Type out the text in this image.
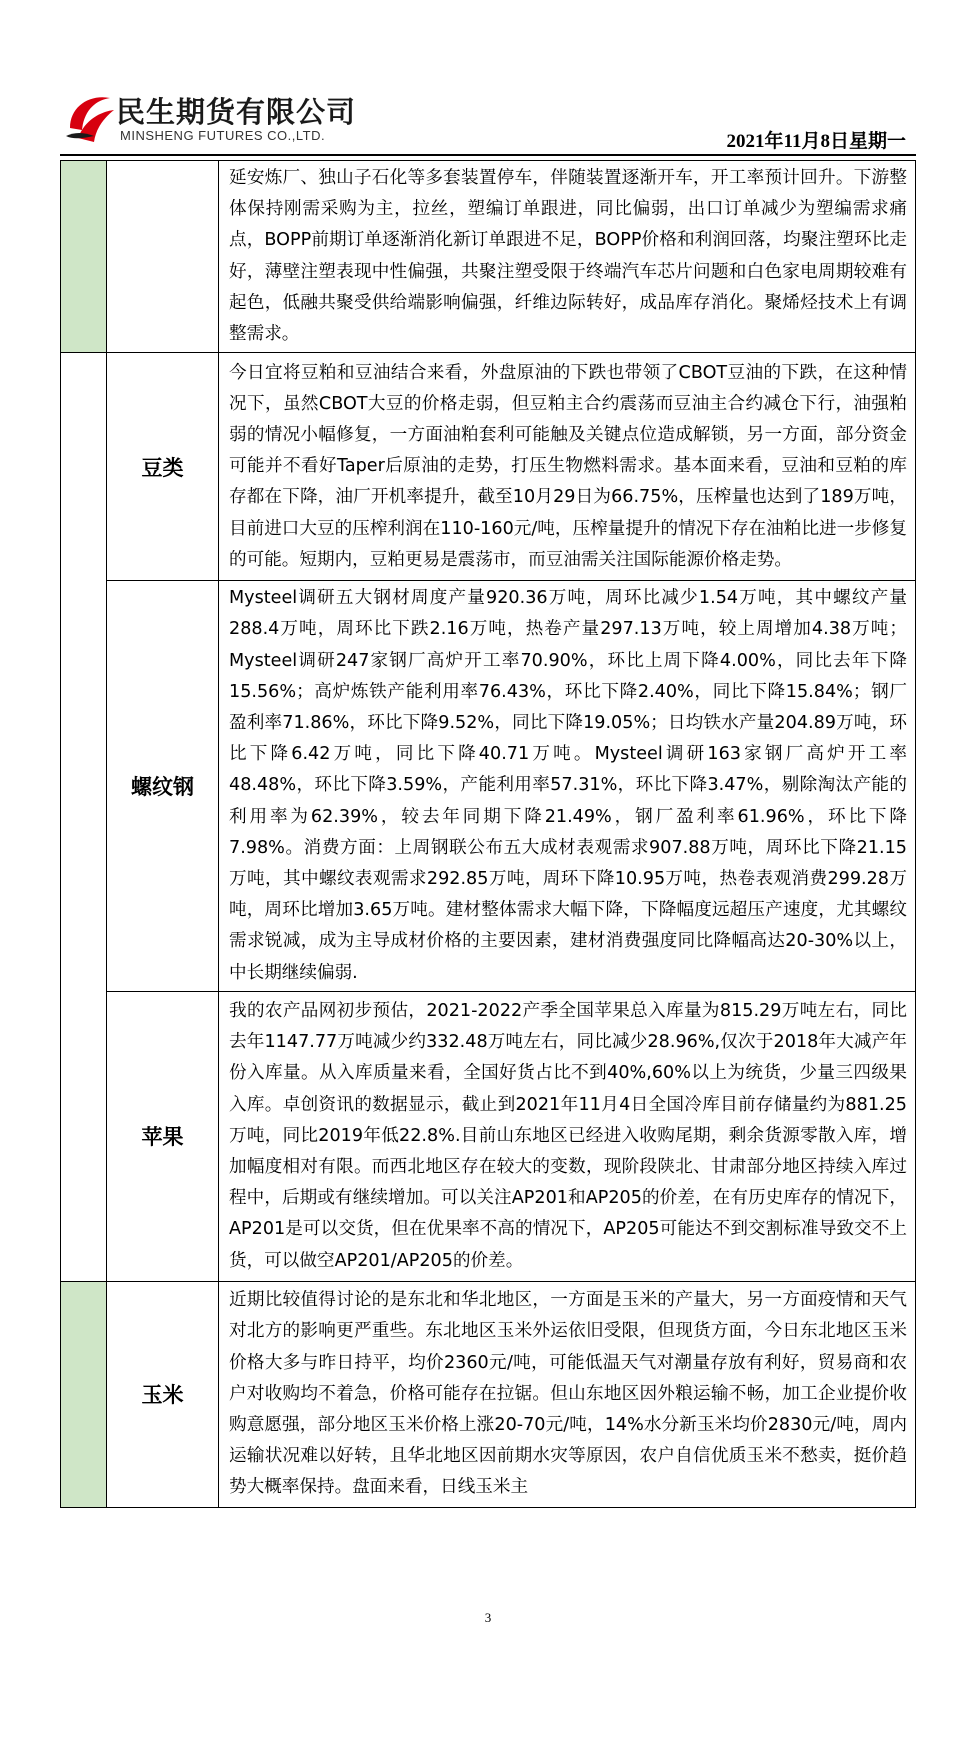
民生期货有限公司
MINSHENG FUTURES CO.,LTD.	2021年11月8日星期一
		延安炼厂、独山子石化等多套装置停车，伴随装置逐渐开车，开工率预计回升。下游整体保持刚需采购为主，拉丝，塑编订单跟进，同比偏弱，出口订单减少为塑编需求痛点，BOPP前期订单逐渐消化新订单跟进不足，BOPP价格和利润回落，均聚注塑环比走好，薄壁注塑表现中性偏强，共聚注塑受限于终端汽车芯片问题和白色家电周期较难有起色，低融共聚受供给端影响偏强，纤维边际转好，成品库存消化。聚烯烃技术上有调整需求。
	豆类	今日宜将豆粕和豆油结合来看，外盘原油的下跌也带领了CBOT豆油的下跌，在这种情况下，虽然CBOT大豆的价格走弱，但豆粕主合约震荡而豆油主合约减仓下行，油强粕弱的情况小幅修复，一方面油粕套利可能触及关键点位造成解锁，另一方面，部分资金可能并不看好Taper后原油的走势，打压生物燃料需求。基本面来看，豆油和豆粕的库存都在下降，油厂开机率提升，截至10月29日为66.75%，压榨量也达到了189万吨，目前进口大豆的压榨利润在110-160元/吨，压榨量提升的情况下存在油粕比进一步修复的可能。短期内，豆粕更易是震荡市，而豆油需关注国际能源价格走势。
	螺纹钢	Mysteel调研五大钢材周度产量920.36万吨，周环比减少1.54万吨，其中螺纹产量288.4万吨，周环比下跌2.16万吨，热卷产量297.13万吨，较上周增加4.38万吨；Mysteel调研247家钢厂高炉开工率70.90%，环比上周下降4.00%，同比去年下降15.56%；高炉炼铁产能利用率76.43%，环比下降2.40%，同比下降15.84%；钢厂盈利率71.86%，环比下降9.52%，同比下降19.05%；日均铁水产量204.89万吨，环比下降6.42万吨，同比下降40.71万吨。Mysteel调研163家钢厂高炉开工率48.48%，环比下降3.59%，产能利用率57.31%，环比下降3.47%，剔除淘汰产能的利用率为62.39%，较去年同期下降21.49%，钢厂盈利率61.96%，环比下降7.98%。消费方面：上周钢联公布五大成材表观需求907.88万吨，周环比下降21.15万吨，其中螺纹表观需求292.85万吨，周环下降10.95万吨，热卷表观消费299.28万吨，周环比增加3.65万吨。建材整体需求大幅下降，下降幅度远超压产速度，尤其螺纹需求锐减，成为主导成材价格的主要因素，建材消费强度同比降幅高达20-30%以上，中长期继续偏弱.
	苹果	我的农产品网初步预估，2021-2022产季全国苹果总入库量为815.29万吨左右，同比去年1147.77万吨减少约332.48万吨左右，同比减少28.96%,仅次于2018年大减产年份入库量。从入库质量来看，全国好货占比不到40%,60%以上为统货，少量三四级果入库。卓创资讯的数据显示，截止到2021年11月4日全国冷库目前存储量约为881.25万吨，同比2019年低22.8%.目前山东地区已经进入收购尾期，剩余货源零散入库，增加幅度相对有限。而西北地区存在较大的变数，现阶段陕北、甘肃部分地区持续入库过程中，后期或有继续增加。可以关注AP201和AP205的价差，在有历史库存的情况下，AP201是可以交货，但在优果率不高的情况下，AP205可能达不到交割标准导致交不上货，可以做空AP201/AP205的价差。
	玉米	近期比较值得讨论的是东北和华北地区，一方面是玉米的产量大，另一方面疫情和天气对北方的影响更严重些。东北地区玉米外运依旧受限，但现货方面，今日东北地区玉米价格大多与昨日持平，均价2360元/吨，可能低温天气对潮量存放有利好，贸易商和农户对收购均不着急，价格可能存在拉锯。但山东地区因外粮运输不畅，加工企业提价收购意愿强，部分地区玉米价格上涨20-70元/吨，14%水分新玉米均价2830元/吨，周内运输状况难以好转，且华北地区因前期水灾等原因，农户自信优质玉米不愁卖，挺价趋势大概率保持。盘面来看，日线玉米主
3
